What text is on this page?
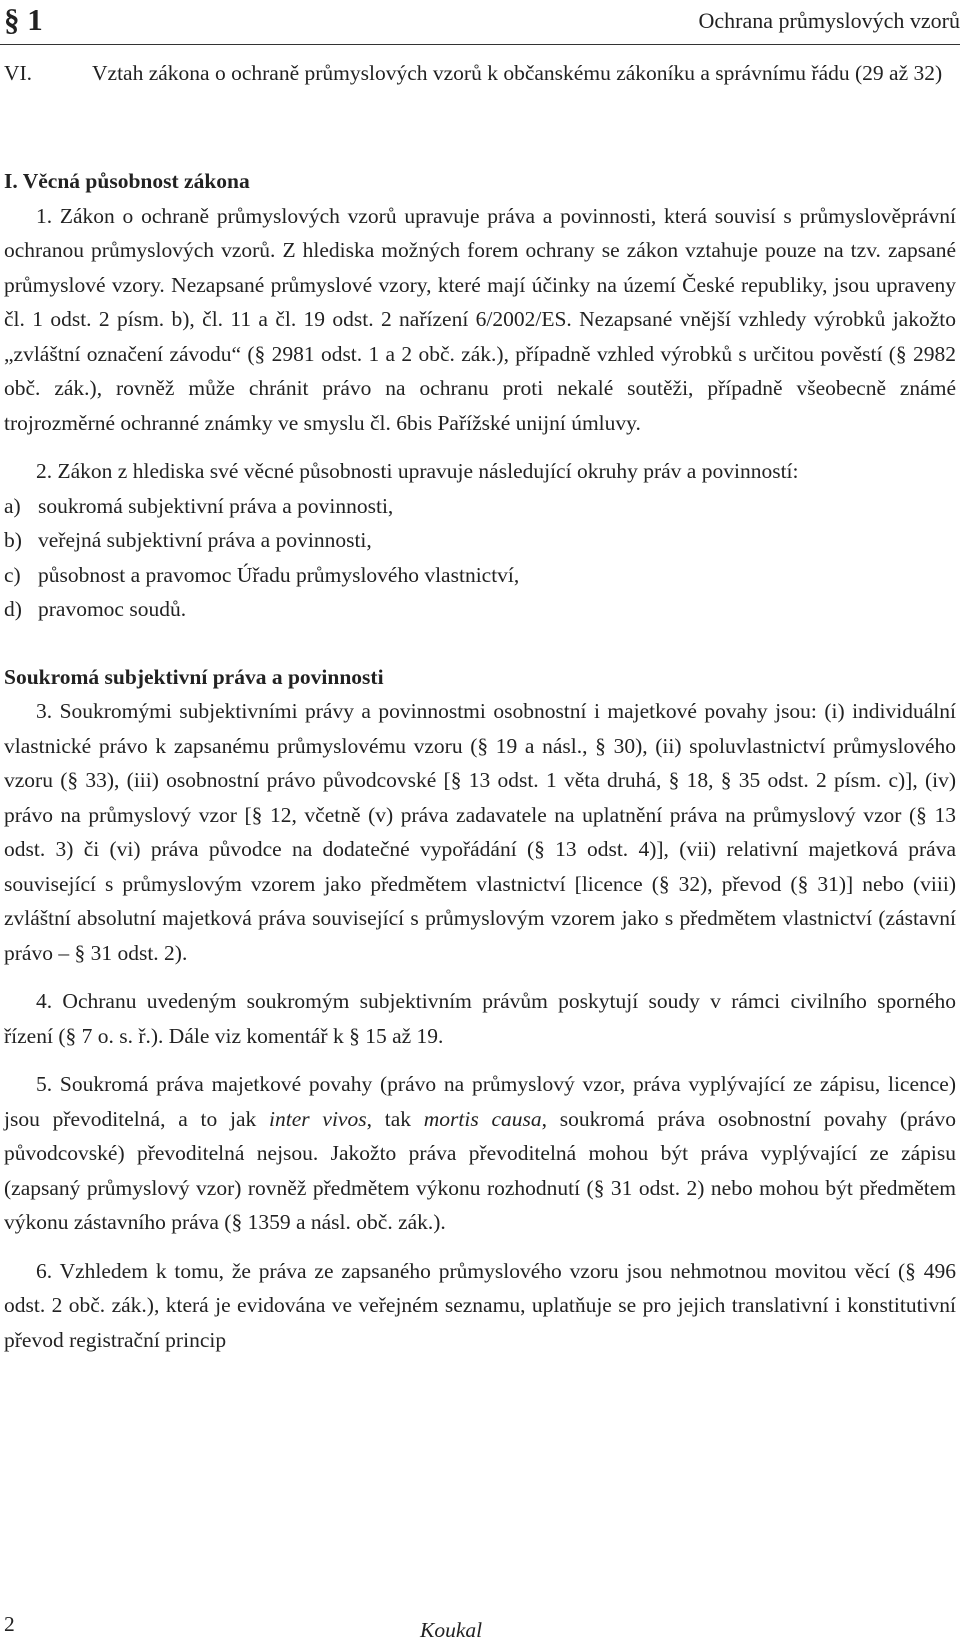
§ 1	Ochrana průmyslových vzorů
VI.	Vztah zákona o ochraně průmyslových vzorů k občanskému zákoníku a správnímu řádu (29 až 32)

I. Věcná působnost zákona

1. Zákon o ochraně průmyslových vzorů upravuje práva a povinnosti, která souvisí s průmyslověprávní ochranou průmyslových vzorů. Z hlediska možných forem ochrany se zákon vztahuje pouze na tzv. zapsané průmyslové vzory. Nezapsané průmyslové vzory, které mají účinky na území České republiky, jsou upraveny čl. 1 odst. 2 písm. b), čl. 11 a čl. 19 odst. 2 nařízení 6/2002/ES. Nezapsané vnější vzhledy výrobků jakožto „zvláštní označení závodu“ (§ 2981 odst. 1 a 2 obč. zák.), případně vzhled výrobků s určitou pověstí (§ 2982 obč. zák.), rovněž může chránit právo na ochranu proti nekalé soutěži, případně všeobecně známé trojrozměrné ochranné známky ve smyslu čl. 6bis Pařížské unijní úmluvy.

2. Zákon z hlediska své věcné působnosti upravuje následující okruhy práv a povinností:

a) soukromá subjektivní práva a povinnosti,

b) veřejná subjektivní práva a povinnosti,

c) působnost a pravomoc Úřadu průmyslového vlastnictví,

d) pravomoc soudů.

Soukromá subjektivní práva a povinnosti

3. Soukromými subjektivními právy a povinnostmi osobnostní i majetkové povahy jsou: (i) individuální vlastnické právo k zapsanému průmyslovému vzoru (§ 19 a násl., § 30), (ii) spoluvlastnictví průmyslového vzoru (§ 33), (iii) osobnostní právo původcovské [§ 13 odst. 1 věta druhá, § 18, § 35 odst. 2 písm. c)], (iv) právo na průmyslový vzor [§ 12, včetně (v) práva zadavatele na uplatnění práva na průmyslový vzor (§ 13 odst. 3) či (vi) práva původce na dodatečné vypořádání (§ 13 odst. 4)], (vii) relativní majetková práva související s průmyslovým vzorem jako předmětem vlastnictví [licence (§ 32), převod (§ 31)] nebo (viii) zvláštní absolutní majetková práva související s průmyslovým vzorem jako s předmětem vlastnictví (zástavní právo – § 31 odst. 2).

4. Ochranu uvedeným soukromým subjektivním právům poskytují soudy v rámci civilního sporného řízení (§ 7 o. s. ř.). Dále viz komentář k § 15 až 19.

5. Soukromá práva majetkové povahy (právo na průmyslový vzor, práva vyplývající ze zápisu, licence) jsou převoditelná, a to jak inter vivos, tak mortis causa, soukromá práva osobnostní povahy (právo původcovské) převoditelná nejsou. Jakožto práva převoditelná mohou být práva vyplývající ze zápisu (zapsaný průmyslový vzor) rovněž předmětem výkonu rozhodnutí (§ 31 odst. 2) nebo mohou být předmětem výkonu zástavního práva (§ 1359 a násl. obč. zák.).

6. Vzhledem k tomu, že práva ze zapsaného průmyslového vzoru jsou nehmotnou movitou věcí (§ 496 odst. 2 obč. zák.), která je evidována ve veřejném seznamu, uplatňuje se pro jejich translativní i konstitutivní převod registrační princip

2	Koukal
